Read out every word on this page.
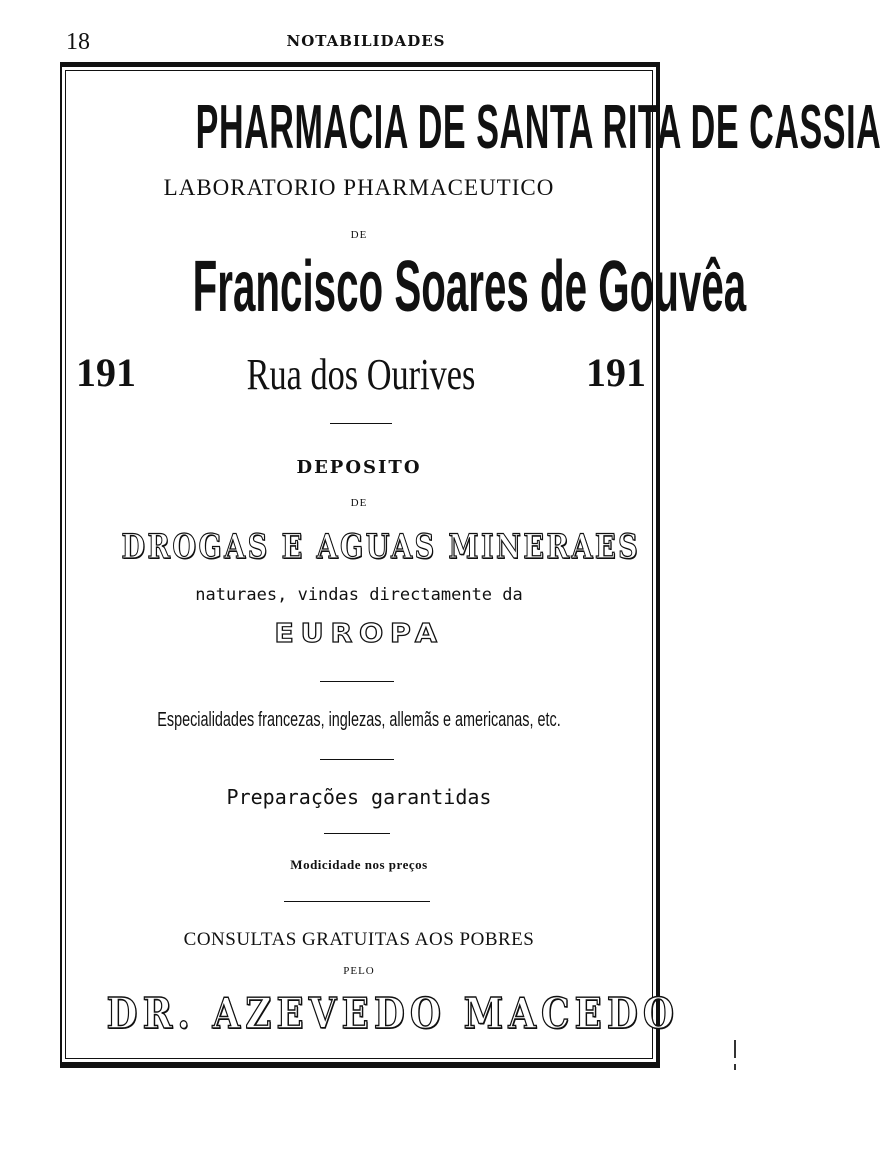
18	NOTABILIDADES
PHARMACIA DE SANTA RITA DE CASSIA
LABORATORIO PHARMACEUTICO
DE
Francisco Soares de Gouvêa
191	Rua dos Ourives	191
DEPOSITO
DE
DROGAS E AGUAS MINERAES
naturaes, vindas directamente da
EUROPA
Especialidades francezas, inglezas, allemãs e americanas, etc.
Preparações garantidas
Modicidade nos preços
CONSULTAS GRATUITAS AOS POBRES
PELO
DR. AZEVEDO MACEDO
